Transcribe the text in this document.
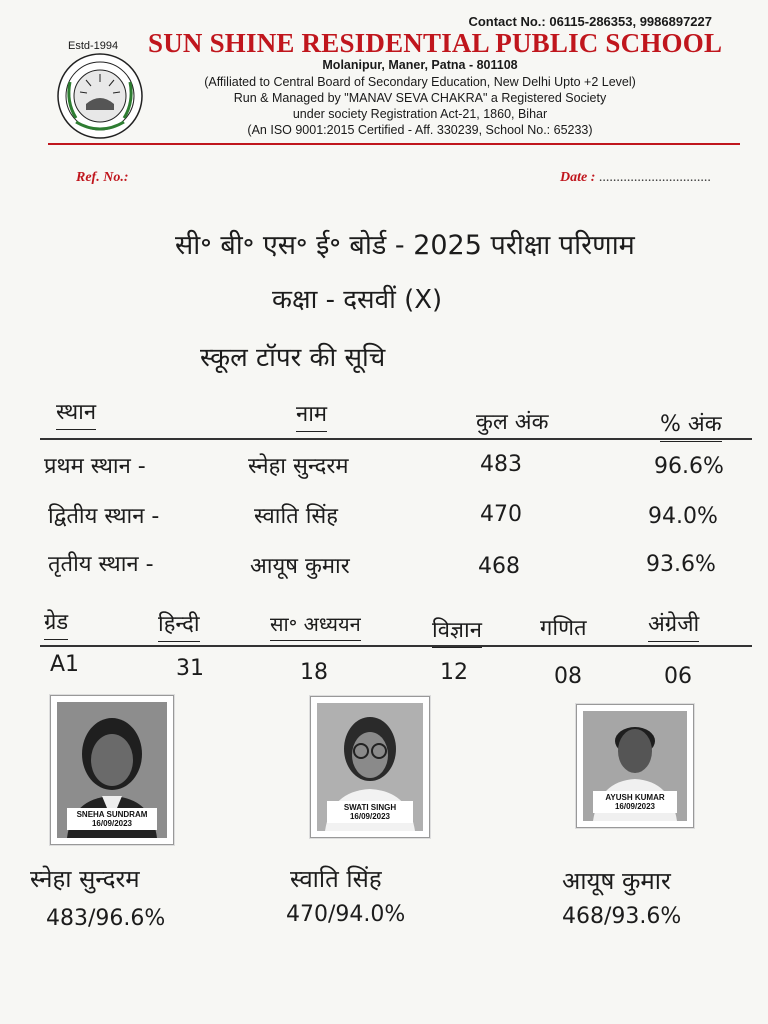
Contact No.: 06115-286353, 9986897227
Estd-1994 SUN SHINE RESIDENTIAL PUBLIC SCHOOL
Molanipur, Maner, Patna - 801108
(Affiliated to Central Board of Secondary Education, New Delhi Upto +2 Level)
Run & Managed by "MANAV SEVA CHAKRA" a Registered Society
under society Registration Act-21, 1860, Bihar
(An ISO 9001:2015 Certified - Aff. 330239, School No.: 65233)
Ref. No.:	Date : ................................
सी॰ बी॰ एस॰ ई॰ बोर्ड - 2025 परीक्षा परिणाम
कक्षा - दसवीं (X)
स्कूल टॉपर की सूचि
स्थान	नाम	कुल अंक	% अंक
प्रथम स्थान -	स्नेहा सुन्दरम	483	96.6%
द्वितीय स्थान -	स्वाति सिंह	470	94.0%
तृतीय स्थान -	आयूष कुमार	468	93.6%
ग्रेड	हिन्दी	सा॰ अध्ययन	विज्ञान	गणित	अंग्रेजी
A1	31	18	12	08	06
SNEHA SUNDRAM
16/09/2023
SWATI SINGH
16/09/2023
AYUSH KUMAR
16/09/2023
स्नेहा सुन्दरम
483/96.6%
स्वाति सिंह
470/94.0%
आयूष कुमार
468/93.6%
